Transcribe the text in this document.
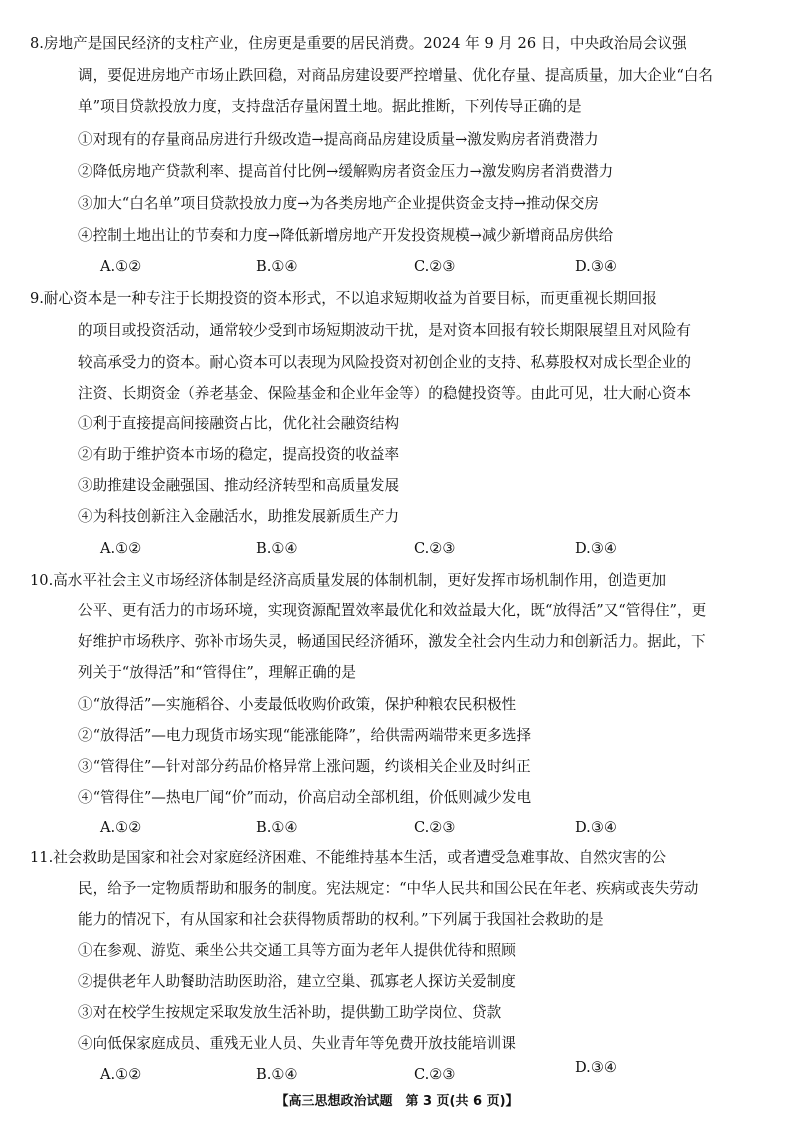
8.房地产是国民经济的支柱产业，住房更是重要的居民消费。2024 年 9 月 26 日，中央政治局会议强
调，要促进房地产市场止跌回稳，对商品房建设要严控增量、优化存量、提高质量，加大企业“白名
单”项目贷款投放力度，支持盘活存量闲置土地。据此推断，下列传导正确的是
①对现有的存量商品房进行升级改造→提高商品房建设质量→激发购房者消费潜力
②降低房地产贷款利率、提高首付比例→缓解购房者资金压力→激发购房者消费潜力
③加大“白名单”项目贷款投放力度→为各类房地产企业提供资金支持→推动保交房
④控制土地出让的节奏和力度→降低新增房地产开发投资规模→减少新增商品房供给
A.①②	B.①④	C.②③	D.③④
9.耐心资本是一种专注于长期投资的资本形式，不以追求短期收益为首要目标，而更重视长期回报
的项目或投资活动，通常较少受到市场短期波动干扰，是对资本回报有较长期限展望且对风险有
较高承受力的资本。耐心资本可以表现为风险投资对初创企业的支持、私募股权对成长型企业的
注资、长期资金（养老基金、保险基金和企业年金等）的稳健投资等。由此可见，壮大耐心资本
①利于直接提高间接融资占比，优化社会融资结构
②有助于维护资本市场的稳定，提高投资的收益率
③助推建设金融强国、推动经济转型和高质量发展
④为科技创新注入金融活水，助推发展新质生产力
A.①②	B.①④	C.②③	D.③④
10.高水平社会主义市场经济体制是经济高质量发展的体制机制，更好发挥市场机制作用，创造更加
公平、更有活力的市场环境，实现资源配置效率最优化和效益最大化，既“放得活”又“管得住”，更
好维护市场秩序、弥补市场失灵，畅通国民经济循环，激发全社会内生动力和创新活力。据此，下
列关于“放得活”和“管得住”，理解正确的是
①“放得活”—实施稻谷、小麦最低收购价政策，保护种粮农民积极性
②“放得活”—电力现货市场实现“能涨能降”，给供需两端带来更多选择
③“管得住”—针对部分药品价格异常上涨问题，约谈相关企业及时纠正
④“管得住”—热电厂闻“价”而动，价高启动全部机组，价低则减少发电
A.①②	B.①④	C.②③	D.③④
11.社会救助是国家和社会对家庭经济困难、不能维持基本生活，或者遭受急难事故、自然灾害的公
民，给予一定物质帮助和服务的制度。宪法规定：“中华人民共和国公民在年老、疾病或丧失劳动
能力的情况下，有从国家和社会获得物质帮助的权利。”下列属于我国社会救助的是
①在参观、游览、乘坐公共交通工具等方面为老年人提供优待和照顾
②提供老年人助餐助洁助医助浴，建立空巢、孤寡老人探访关爱制度
③对在校学生按规定采取发放生活补助，提供勤工助学岗位、贷款
④向低保家庭成员、重残无业人员、失业青年等免费开放技能培训课
A.①②	B.①④	C.②③	D.③④
【高三思想政治试题　第 3 页(共 6 页)】
